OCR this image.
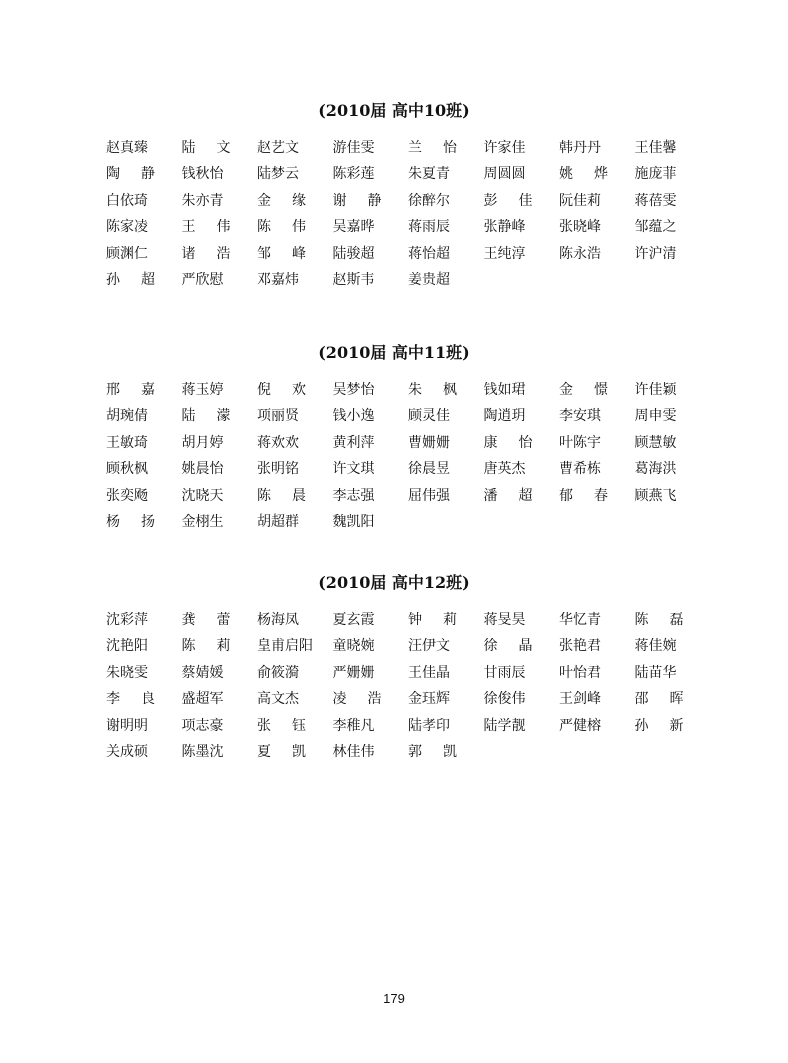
(2010届 高中10班)
赵真臻	陆　 文 赵艺文	游佳雯	兰　 怡 许家佳	韩丹丹	王佳馨
陶　 静 钱秋怡	陆梦云	陈彩莲	朱夏青	周圆圆	姚　 烨 施庞菲
白依琦	朱亦青	金　 缘 谢　 静 徐醉尔	彭　 佳 阮佳莉	蒋蓓雯
陈家凌	王　 伟 陈　 伟 吴嘉晔	蒋雨辰	张静峰	张晓峰	邹蕴之
顾渊仁	诸　 浩 邹　 峰 陆骏超	蒋怡超	王纯淳	陈永浩	许沪清
孙　 超 严欣慰	邓嘉炜	赵斯韦	姜贵超
(2010届 高中11班)
邢　 嘉 蒋玉婷	倪　 欢 吴梦怡	朱　 枫 钱如珺	金　 憬 许佳颖
胡琬倩	陆　 濛 项丽贤	钱小逸	顾灵佳	陶逍玥	李安琪	周申雯
王敏琦	胡月婷	蒋欢欢	黄利萍	曹姗姗	康　 怡 叶陈宇	顾慧敏
顾秋枫	姚晨怡	张明铭	许文琪	徐晨昱	唐英杰	曹希栋	葛海洪
张奕飏	沈晓天	陈　 晨 李志强	屈伟强	潘　 超 郁　 春 顾燕飞
杨　 扬 金栩生	胡超群	魏凯阳
(2010届 高中12班)
沈彩萍	龚　 蕾 杨海凤	夏玄霞	钟　 莉 蒋旻昊	华忆青	陈　 磊
沈艳阳	陈　 莉 皇甫启阳 童晓婉	汪伊文	徐　 晶 张艳君	蒋佳婉
朱晓雯	蔡婧媛	俞筱漪	严姗姗	王佳晶	甘雨辰	叶怡君	陆苗华
李　 良 盛超军	高文杰	凌　 浩 金珏辉	徐俊伟	王剑峰	邵　 晖
谢明明	项志豪	张　 钰 李稚凡	陆孝印	陆学靓	严健榕	孙　 新
关成硕	陈墨沈	夏　 凯 林佳伟	郭　 凯
179
